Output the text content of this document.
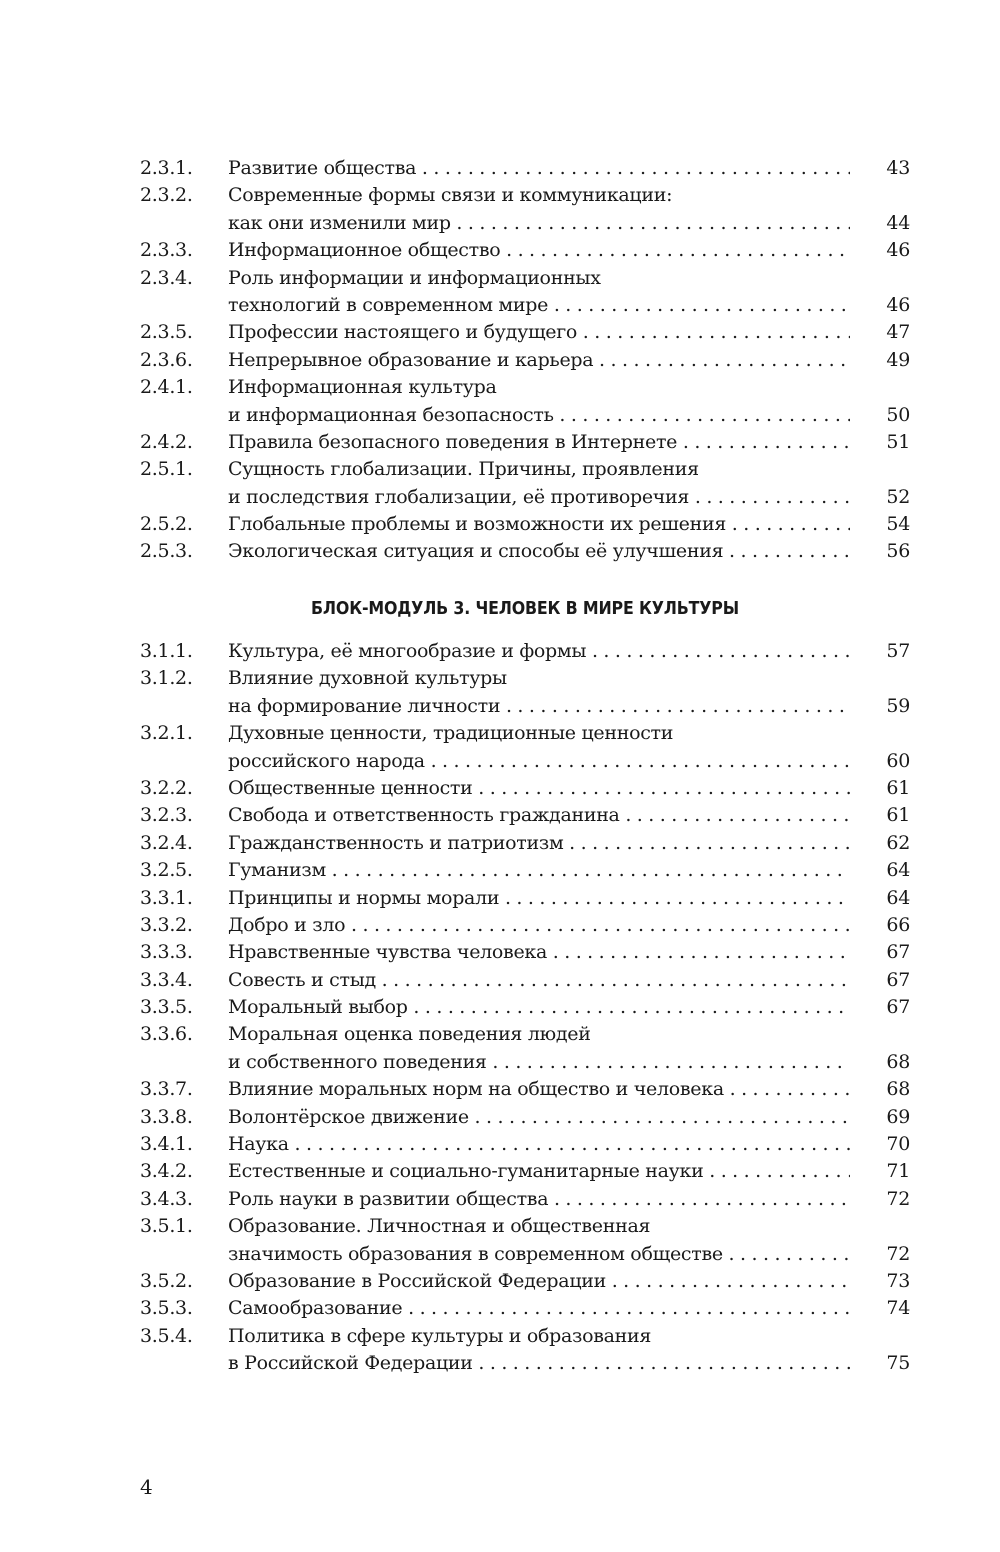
2.3.1. Развитие общества . . .	43
2.3.2. Современные формы связи и коммуникации:
как они изменили мир . . .	44
2.3.3. Информационное общество . . .	46
2.3.4. Роль информации и информационных
технологий в современном мире . . .	46
2.3.5. Профессии настоящего и будущего . . .	47
2.3.6. Непрерывное образование и карьера . . .	49
2.4.1. Информационная культура
и информационная безопасность . . .	50
2.4.2. Правила безопасного поведения в Интернете . . .	51
2.5.1. Сущность глобализации. Причины, проявления
и последствия глобализации, её противоречия . . .	52
2.5.2. Глобальные проблемы и возможности их решения . . .	54
2.5.3. Экологическая ситуация и способы её улучшения . . .	56
БЛОК-МОДУЛЬ 3. ЧЕЛОВЕК В МИРЕ КУЛЬТУРЫ
3.1.1. Культура, её многообразие и формы . . .	57
3.1.2. Влияние духовной культуры
на формирование личности . . .	59
3.2.1. Духовные ценности, традиционные ценности
российского народа . . .	60
3.2.2. Общественные ценности . . .	61
3.2.3. Свобода и ответственность гражданина . . .	61
3.2.4. Гражданственность и патриотизм . . .	62
3.2.5. Гуманизм . . .	64
3.3.1. Принципы и нормы морали . . .	64
3.3.2. Добро и зло . . .	66
3.3.3. Нравственные чувства человека . . .	67
3.3.4. Совесть и стыд . . .	67
3.3.5. Моральный выбор . . .	67
3.3.6. Моральная оценка поведения людей
и собственного поведения . . .	68
3.3.7. Влияние моральных норм на общество и человека . . .	68
3.3.8. Волонтёрское движение . . .	69
3.4.1. Наука . . .	70
3.4.2. Естественные и социально-гуманитарные науки . . .	71
3.4.3. Роль науки в развитии общества . . .	72
3.5.1. Образование. Личностная и общественная
значимость образования в современном обществе . . .	72
3.5.2. Образование в Российской Федерации . . .	73
3.5.3. Самообразование . . .	74
3.5.4. Политика в сфере культуры и образования
в Российской Федерации . . .	75
4
